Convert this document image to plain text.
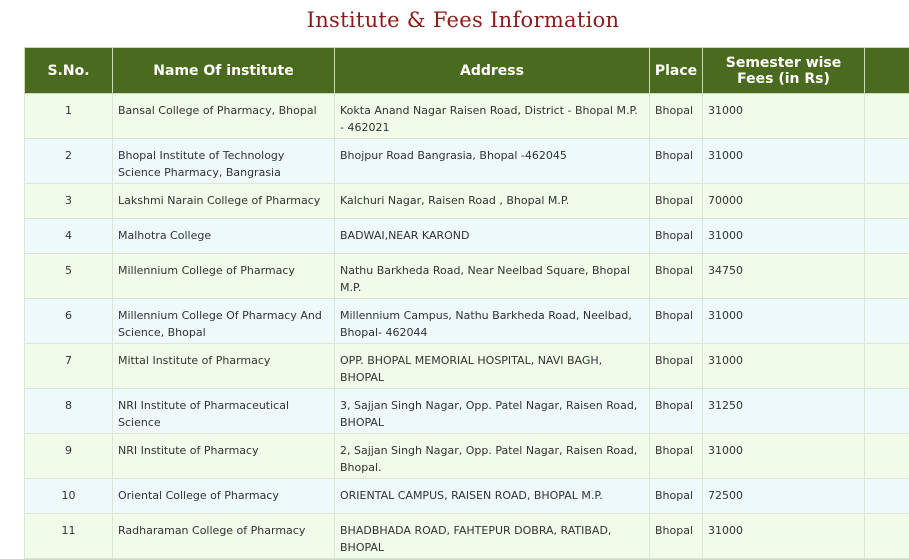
Institute & Fees Information
S.No.	Name Of institute	Address	Place	Semester wise Fees (in Rs)	
1	Bansal College of Pharmacy, Bhopal	Kokta Anand Nagar Raisen Road, District - Bhopal M.P. - 462021	Bhopal	31000	
2	Bhopal Institute of Technology Science Pharmacy, Bangrasia	Bhojpur Road Bangrasia, Bhopal -462045	Bhopal	31000	
3	Lakshmi Narain College of Pharmacy	Kalchuri Nagar, Raisen Road , Bhopal M.P.	Bhopal	70000	
4	Malhotra College	BADWAI,NEAR KAROND	Bhopal	31000	
5	Millennium College of Pharmacy	Nathu Barkheda Road, Near Neelbad Square, Bhopal M.P.	Bhopal	34750	
6	Millennium College Of Pharmacy And Science, Bhopal	Millennium Campus, Nathu Barkheda Road, Neelbad, Bhopal- 462044	Bhopal	31000	
7	Mittal Institute of Pharmacy	OPP. BHOPAL MEMORIAL HOSPITAL, NAVI BAGH, BHOPAL	Bhopal	31000	
8	NRI Institute of Pharmaceutical Science	3, Sajjan Singh Nagar, Opp. Patel Nagar, Raisen Road, BHOPAL	Bhopal	31250	
9	NRI Institute of Pharmacy	2, Sajjan Singh Nagar, Opp. Patel Nagar, Raisen Road, Bhopal.	Bhopal	31000	
10	Oriental College of Pharmacy	ORIENTAL CAMPUS, RAISEN ROAD, BHOPAL M.P.	Bhopal	72500	
11	Radharaman College of Pharmacy	BHADBHADA ROAD, FAHTEPUR DOBRA, RATIBAD, BHOPAL	Bhopal	31000	
